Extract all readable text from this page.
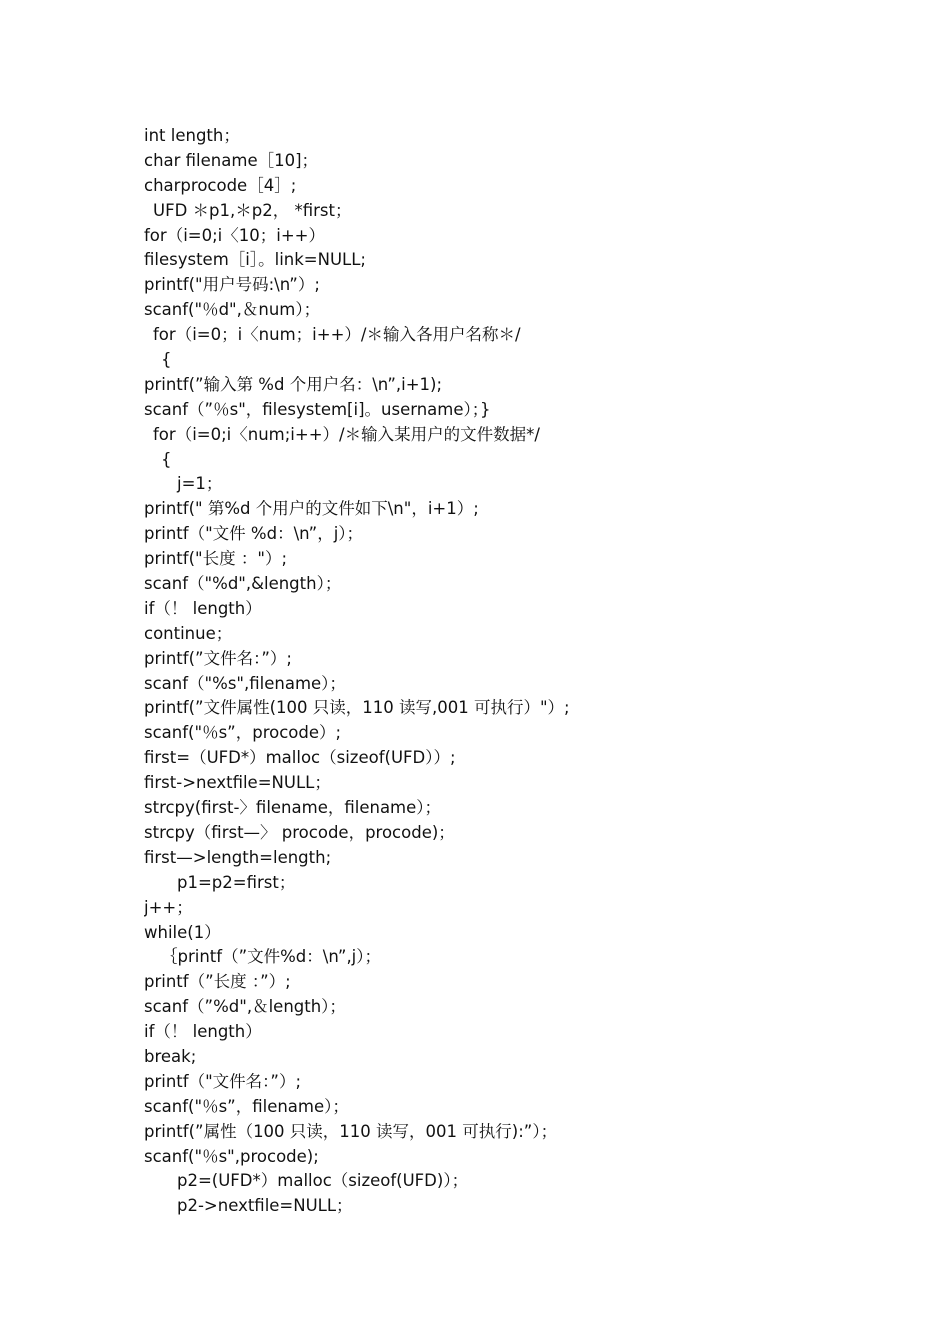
int length；
char filename［10]；
charprocode［4］;
UFD ＊p1,＊p2， *first；
for（i=0;i〈10；i++）
filesystem［i］。link=NULL;
printf("用户号码:\n”）;
scanf("％d",＆num）；
for（i=0；i〈num；i++）/＊输入各用户名称＊/
{
printf(”输入第 %d 个用户名：\n”,i+1);
scanf（”％s"，filesystem[i]。username）；}
for（i=0;i〈num;i++）/＊输入某用户的文件数据*/
{
j=1；
printf(" 第%d 个用户的文件如下\n"，i+1）;
printf（"文件 %d：\n”，j）；
printf("长度 ："）;
scanf（"%d",&length）；
if（！ length）
continue；
printf(”文件名：”）;
scanf（"%s",filename）；
printf(”文件属性(100 只读，110 读写,001 可执行）"）;
scanf("％s”，procode）;
first=（UFD*）malloc（sizeof(UFD））;
first->nextfile=NULL；
strcpy(first-〉filename，filename）；
strcpy（first—〉 procode，procode)；
first—>length=length;
p1=p2=first；
j++；
while(1）
｛printf（”文件%d：\n”,j）；
printf（”长度 ：”）;
scanf（”%d",＆length）；
if（！ length）
break;
printf（"文件名：”）;
scanf("％s”，filename）；
printf(”属性（100 只读，110 读写，001 可执行):”）；
scanf("％s",procode);
p2=(UFD*）malloc（sizeof(UFD)）；
p2->nextfile=NULL；
